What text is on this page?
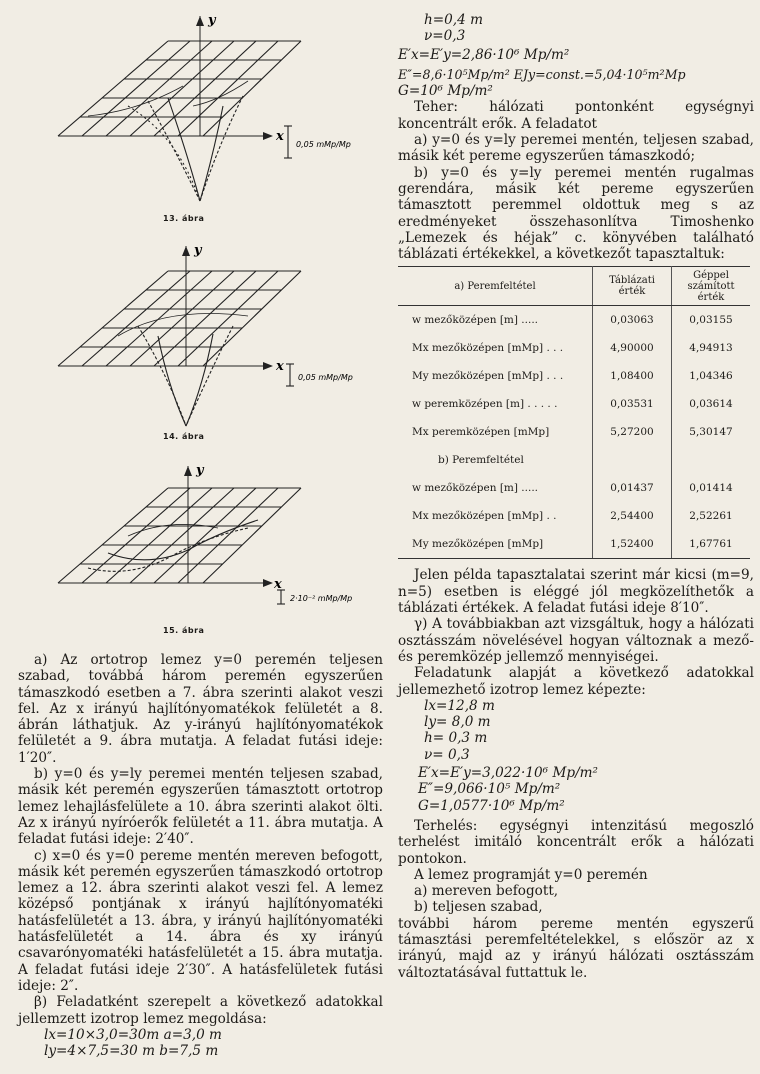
y
x
0,05 mMp/Mp
13. ábra
y
x
0,05 mMp/Mp
14. ábra
y
x
2·10⁻² mMp/Mp
15. ábra

a) Az ortotrop lemez y=0 peremén teljesen szabad, továbbá három peremén egyszerűen támaszkodó esetben a 7. ábra szerinti alakot veszi fel. Az x irányú hajlítónyomatékok felületét a 8. ábrán láthatjuk. Az y-irányú hajlítónyomatékok felületét a 9. ábra mutatja. A feladat futási ideje: 1′20″.

b) y=0 és y=ly peremei mentén teljesen szabad, másik két peremén egyszerűen támasztott ortotrop lemez lehajlásfelülete a 10. ábra szerinti alakot ölti. Az x irányú nyíróerők felületét a 11. ábra mutatja. A feladat futási ideje: 2′40″.

c) x=0 és y=0 pereme mentén mereven befogott, másik két peremén egyszerűen támaszkodó ortotrop lemez a 12. ábra szerinti alakot veszi fel. A lemez középső pontjának x irányú hajlítónyomatéki hatásfelületét a 13. ábra, y irányú hajlítónyomatéki hatásfelületét a 14. ábra és xy irányú csavarónyomatéki hatásfelületét a 15. ábra mutatja. A feladat futási ideje 2′30″. A hatásfelületek futási ideje: 2″.

β) Feladatként szerepelt a következő adatokkal jellemzett izotrop lemez megoldása:

lx=10×3,0=30m a=3,0 m

ly=4×7,5=30 m b=7,5 m

h=0,4 m

ν=0,3

E′x=E′y=2,86·10⁶ Mp/m²

E″=8,6·10⁵Mp/m² EJy=const.=5,04·10⁵m²Mp

G=10⁶ Mp/m²

Teher: hálózati pontonként egységnyi koncentrált erők. A feladatot

a) y=0 és y=ly peremei mentén, teljesen szabad, másik két pereme egyszerűen támaszkodó;

b) y=0 és y=ly peremei mentén rugalmas gerendára, másik két pereme egyszerűen támasztott peremmel oldottuk meg s az eredményeket összehasonlítva Timoshenko „Lemezek és héjak” c. könyvében található táblázati értékekkel, a következőt tapasztaltuk:

a) Peremfeltétel	Táblázati érték	Géppel számított érték
w mezőközépen [m] .....	0,03063	0,03155
Mx mezőközépen [mMp] . . .	4,90000	4,94913
My mezőközépen [mMp] . . .	1,08400	1,04346
w peremközépen [m] . . . . .	0,03531	0,03614
Mx peremközépen [mMp]	5,27200	5,30147
b) Peremfeltétel		
w mezőközépen [m] .....	0,01437	0,01414
Mx mezőközépen [mMp] . .	2,54400	2,52261
My mezőközépen [mMp]	1,52400	1,67761

Jelen példa tapasztalatai szerint már kicsi (m=9, n=5) esetben is eléggé jól megközelíthetők a táblázati értékek. A feladat futási ideje 8′10″.

γ) A továbbiakban azt vizsgáltuk, hogy a hálózati osztásszám növelésével hogyan változnak a mező- és peremközép jellemző mennyiségei.

Feladatunk alapját a következő adatokkal jellemezhető izotrop lemez képezte:

lx=12,8 m

ly= 8,0 m

h= 0,3 m

ν= 0,3

E′x=E′y=3,022·10⁶ Mp/m²

E″=9,066·10⁵ Mp/m²

G=1,0577·10⁶ Mp/m²

Terhelés: egységnyi intenzitású megoszló terhelést imitáló koncentrált erők a hálózati pontokon.

A lemez programját y=0 peremén

a) mereven befogott,

b) teljesen szabad,

további három pereme mentén egyszerű támasztási peremfeltételekkel, s először az x irányú, majd az y irányú hálózati osztásszám változtatásával futtattuk le.
